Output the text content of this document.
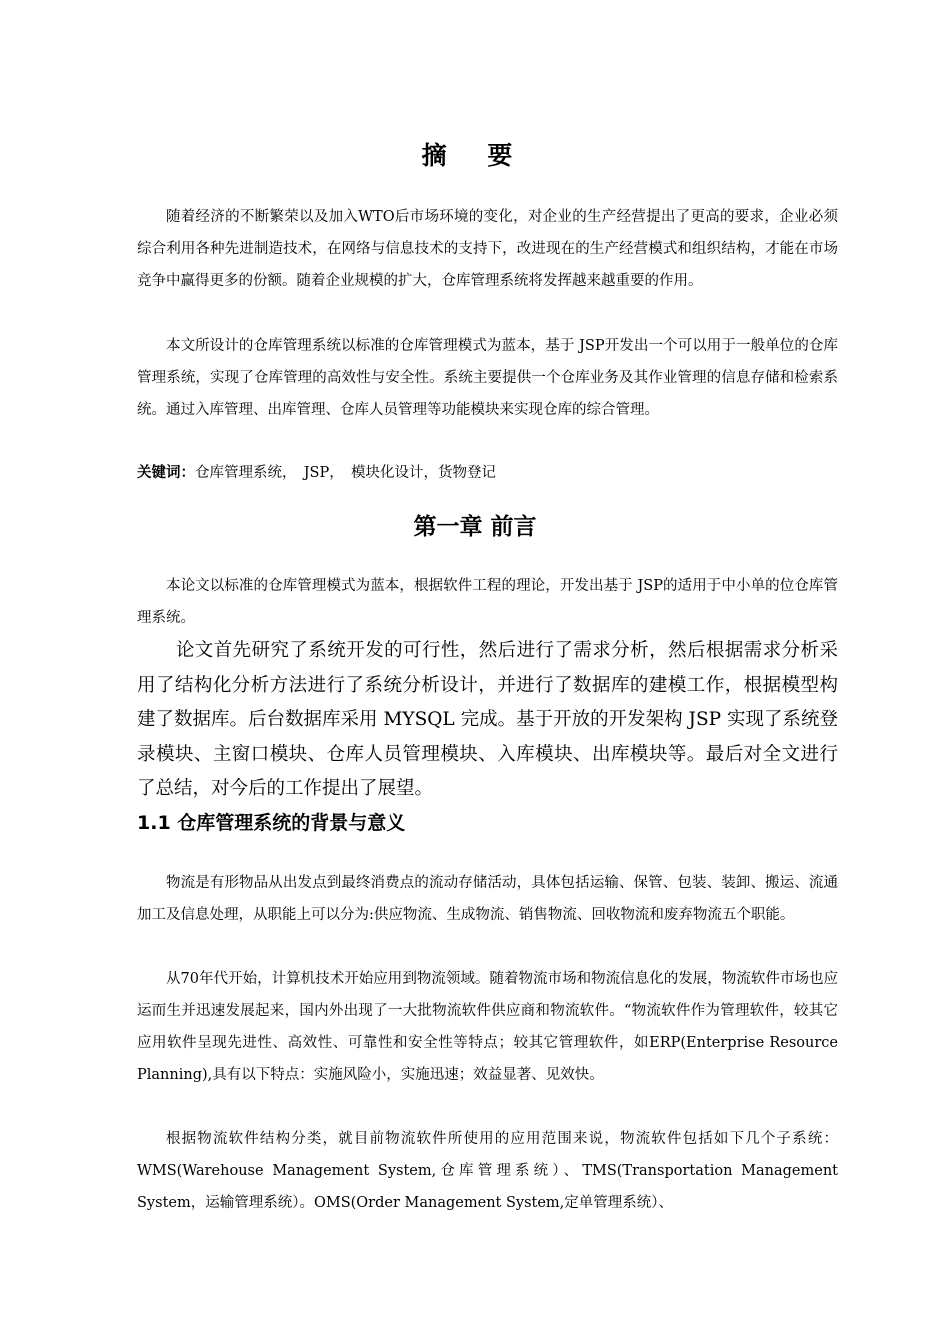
摘 要

随着经济的不断繁荣以及加入WTO后市场环境的变化，对企业的生产经营提出了更高的要求，企业必须综合利用各种先进制造技术，在网络与信息技术的支持下，改进现在的生产经营模式和组织结构，才能在市场竞争中赢得更多的份额。随着企业规模的扩大，仓库管理系统将发挥越来越重要的作用。

本文所设计的仓库管理系统以标准的仓库管理模式为蓝本，基于 JSP开发出一个可以用于一般单位的仓库管理系统，实现了仓库管理的高效性与安全性。系统主要提供一个仓库业务及其作业管理的信息存储和检索系统。通过入库管理、出库管理、仓库人员管理等功能模块来实现仓库的综合管理。

关键词：仓库管理系统，　JSP，　模块化设计，货物登记

第一章 前言

本论文以标准的仓库管理模式为蓝本，根据软件工程的理论，开发出基于 JSP的适用于中小单的位仓库管理系统。

论文首先研究了系统开发的可行性，然后进行了需求分析，然后根据需求分析采用了结构化分析方法进行了系统分析设计，并进行了数据库的建模工作，根据模型构建了数据库。后台数据库采用 MYSQL 完成。基于开放的开发架构 JSP 实现了系统登录模块、主窗口模块、仓库人员管理模块、入库模块、出库模块等。最后对全文进行了总结，对今后的工作提出了展望。

1.1 仓库管理系统的背景与意义

物流是有形物品从出发点到最终消费点的流动存储活动，具体包括运输、保管、包装、装卸、搬运、流通加工及信息处理，从职能上可以分为:供应物流、生成物流、销售物流、回收物流和废弃物流五个职能。

从70年代开始，计算机技术开始应用到物流领域。随着物流市场和物流信息化的发展，物流软件市场也应运而生并迅速发展起来，国内外出现了一大批物流软件供应商和物流软件。“物流软件作为管理软件，较其它应用软件呈现先进性、高效性、可靠性和安全性等特点；较其它管理软件，如ERP(Enterprise Resource Planning),具有以下特点：实施风险小，实施迅速；效益显著、见效快。

根据物流软件结构分类，就目前物流软件所使用的应用范围来说，物流软件包括如下几个子系统：WMS(Warehouse Management System,仓库管理系统）、TMS(Transportation Management System，运输管理系统）。OMS(Order Management System,定单管理系统）、
